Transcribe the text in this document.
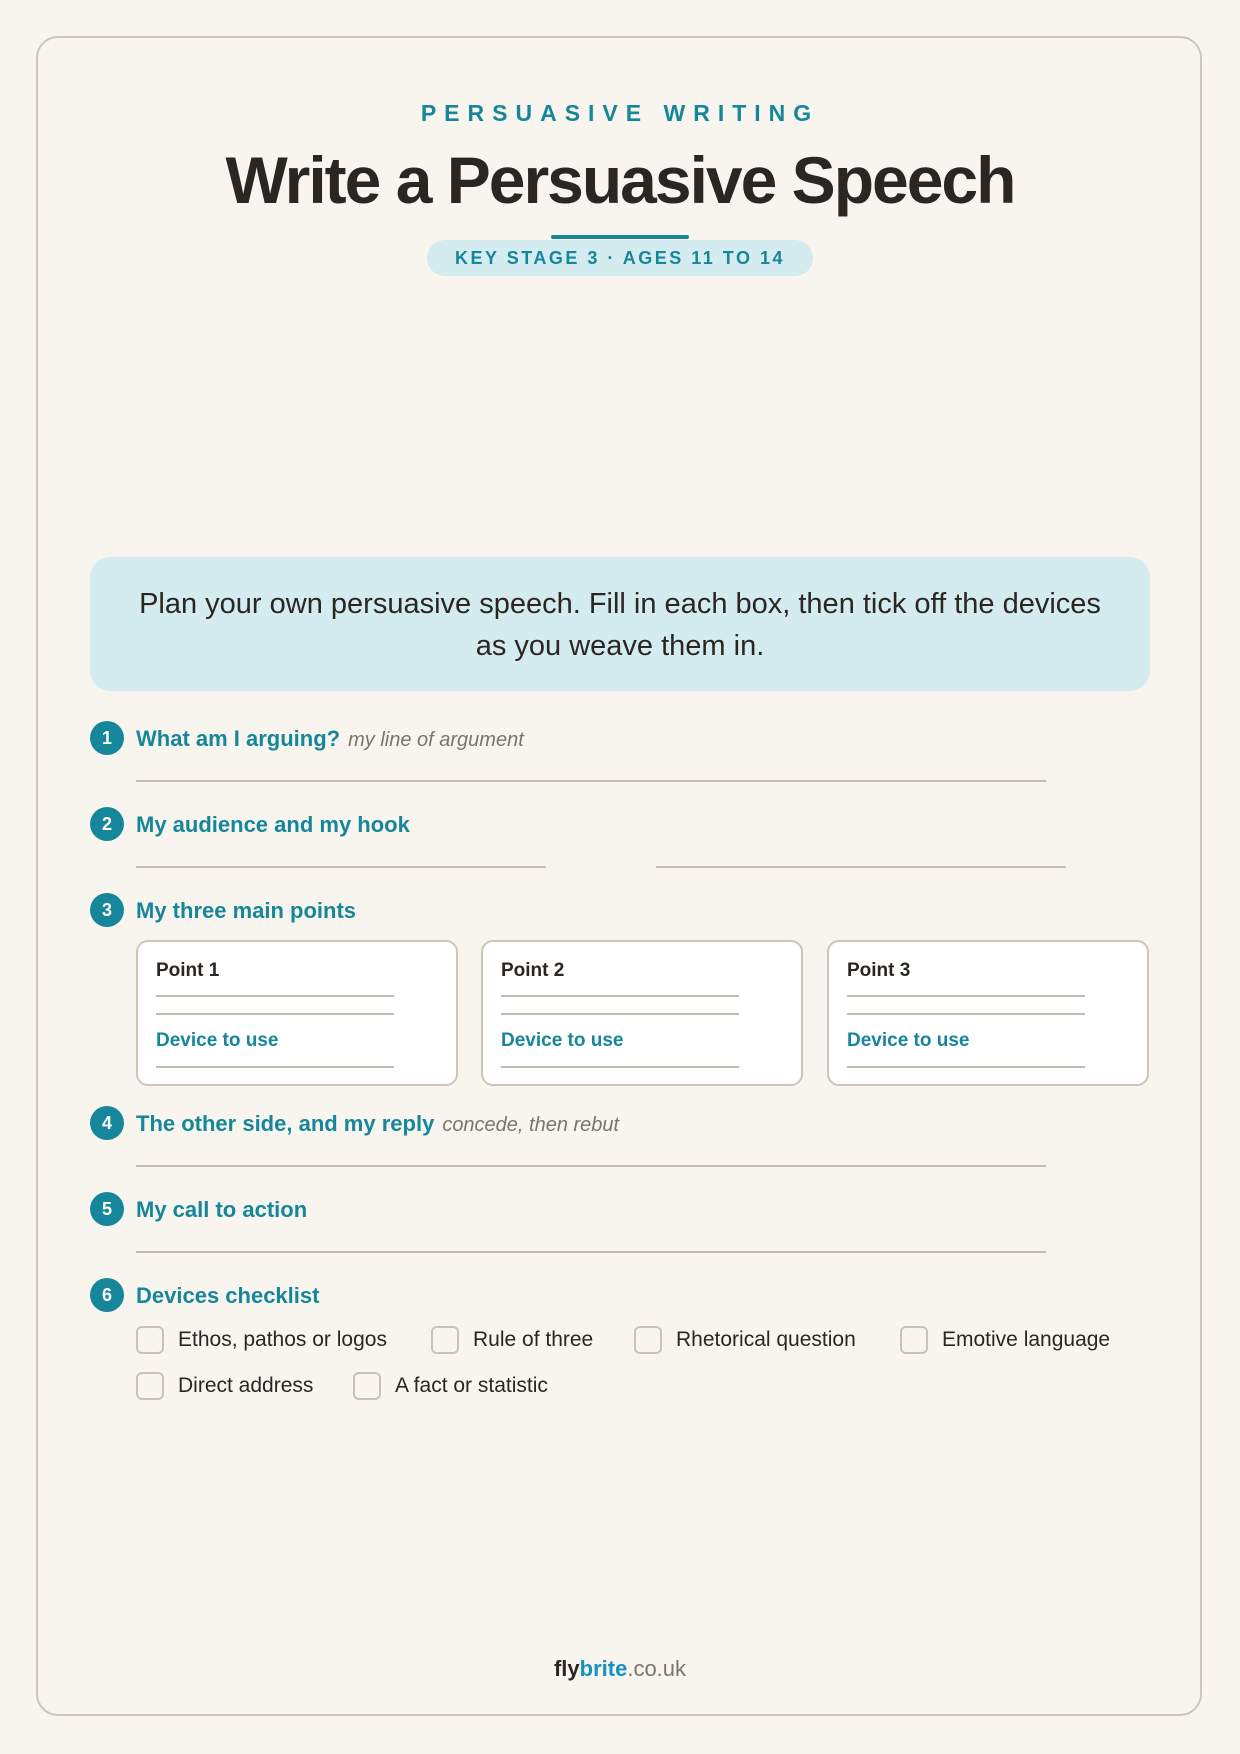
PERSUASIVE WRITING
Write a Persuasive Speech
KEY STAGE 3 · AGES 11 TO 14
Plan your own persuasive speech. Fill in each box, then tick off the devices as you weave them in.
1	What am I arguing? my line of argument
2	My audience and my hook
3	My three main points
Point 1
Device to use
Point 2
Device to use
Point 3
Device to use
4	The other side, and my reply concede, then rebut
5	My call to action
6	Devices checklist
Ethos, pathos or logos	Rule of three	Rhetorical question	Emotive language
Direct address	A fact or statistic
flybrite.co.uk
